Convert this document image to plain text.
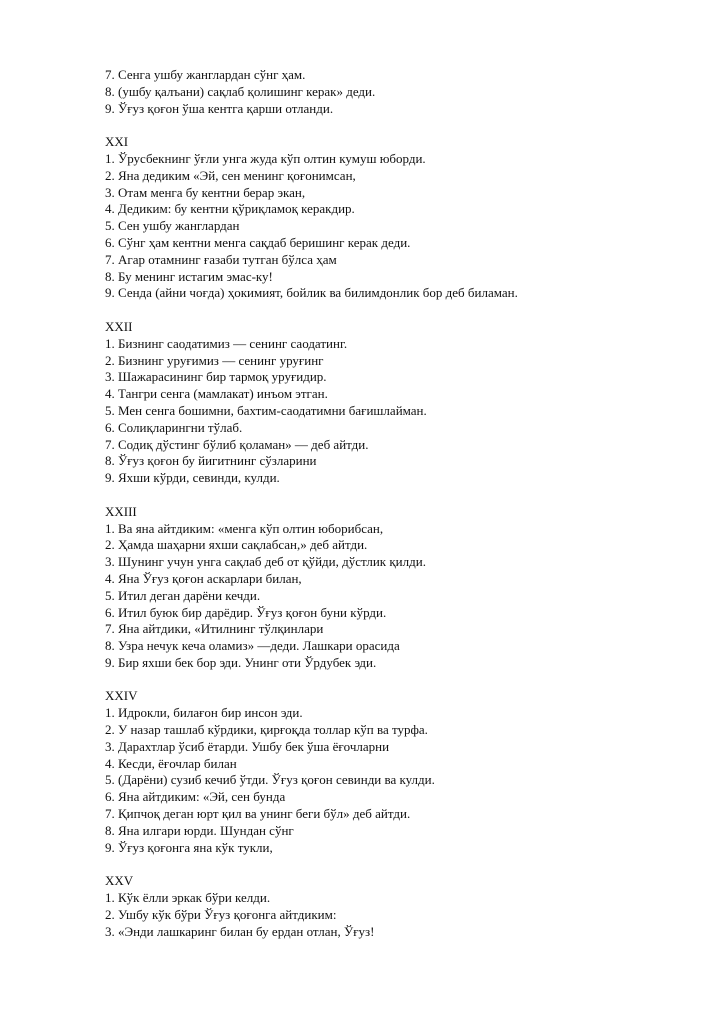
7. Сенга ушбу жанглардан сўнг ҳам.
8. (ушбу қалъани) сақлаб қолишинг керак» деди.
9. Ўғуз қоғон ўша кентга қарши отланди.
XXI
1. Ўрусбекнинг ўғли унга жуда кўп олтин кумуш юборди.
2. Яна дедиким «Эй, сен менинг қоғонимсан,
3. Отам менга бу кентни берар экан,
4. Дедиким: бу кентни қўриқламоқ керакдир.
5. Сен ушбу жанглардан
6. Сўнг ҳам кентни менга сақдаб беришинг керак деди.
7. Агар отамнинг ғазаби тутган бўлса ҳам
8. Бу менинг истагим эмас-ку!
9. Сенда (айни чоғда) ҳокимият, бойлик ва билимдонлик бор деб биламан.
XXII
1. Бизнинг саодатимиз — сенинг саодатинг.
2. Бизнинг уруғимиз — сенинг уруғинг
3. Шажарасининг бир тармоқ уруғидир.
4. Тангри сенга (мамлакат) инъом этган.
5. Мен сенга бошимни, бахтим-саодатимни бағишлайман.
6. Солиқларингни тўлаб.
7. Содиқ дўстинг бўлиб қоламан» — деб айтди.
8. Ўғуз қоғон бу йигитнинг сўзларини
9. Яхши кўрди, севинди, кулди.
XXIII
1. Ва яна айтдиким: «менга кўп олтин юборибсан,
2. Ҳамда шаҳарни яхши сақлабсан,» деб айтди.
3. Шунинг учун унга сақлаб деб от қўйди, дўстлик қилди.
4. Яна Ўғуз қоғон аскарлари билан,
5. Итил деган дарёни кечди.
6. Итил буюк бир дарёдир. Ўғуз қоғон буни кўрди.
7. Яна айтдики, «Итилнинг тўлқинлари
8. Узра нечук кеча оламиз» —деди. Лашкари орасида
9. Бир яхши бек бор эди. Унинг оти Ўрдубек эди.
XXIV
1. Идрокли, билағон бир инсон эди.
2. У назар ташлаб кўрдики, қирғоқда толлар кўп ва турфа.
3. Дарахтлар ўсиб ётарди. Ушбу бек ўша ёғочларни
4. Кесди, ёғочлар билан
5. (Дарёни) сузиб кечиб ўтди. Ўғуз қоғон севинди ва кулди.
6. Яна айтдиким: «Эй, сен бунда
7. Қипчоқ деган юрт қил ва унинг беги бўл» деб айтди.
8. Яна илгари юрди. Шундан сўнг
9. Ўғуз қоғонга яна кўк тукли,
XXV
1. Кўк ёлли эркак бўри келди.
2. Ушбу кўк бўри Ўғуз қоғонга айтдиким:
3. «Энди лашкаринг билан бу ердан отлан, Ўғуз!
